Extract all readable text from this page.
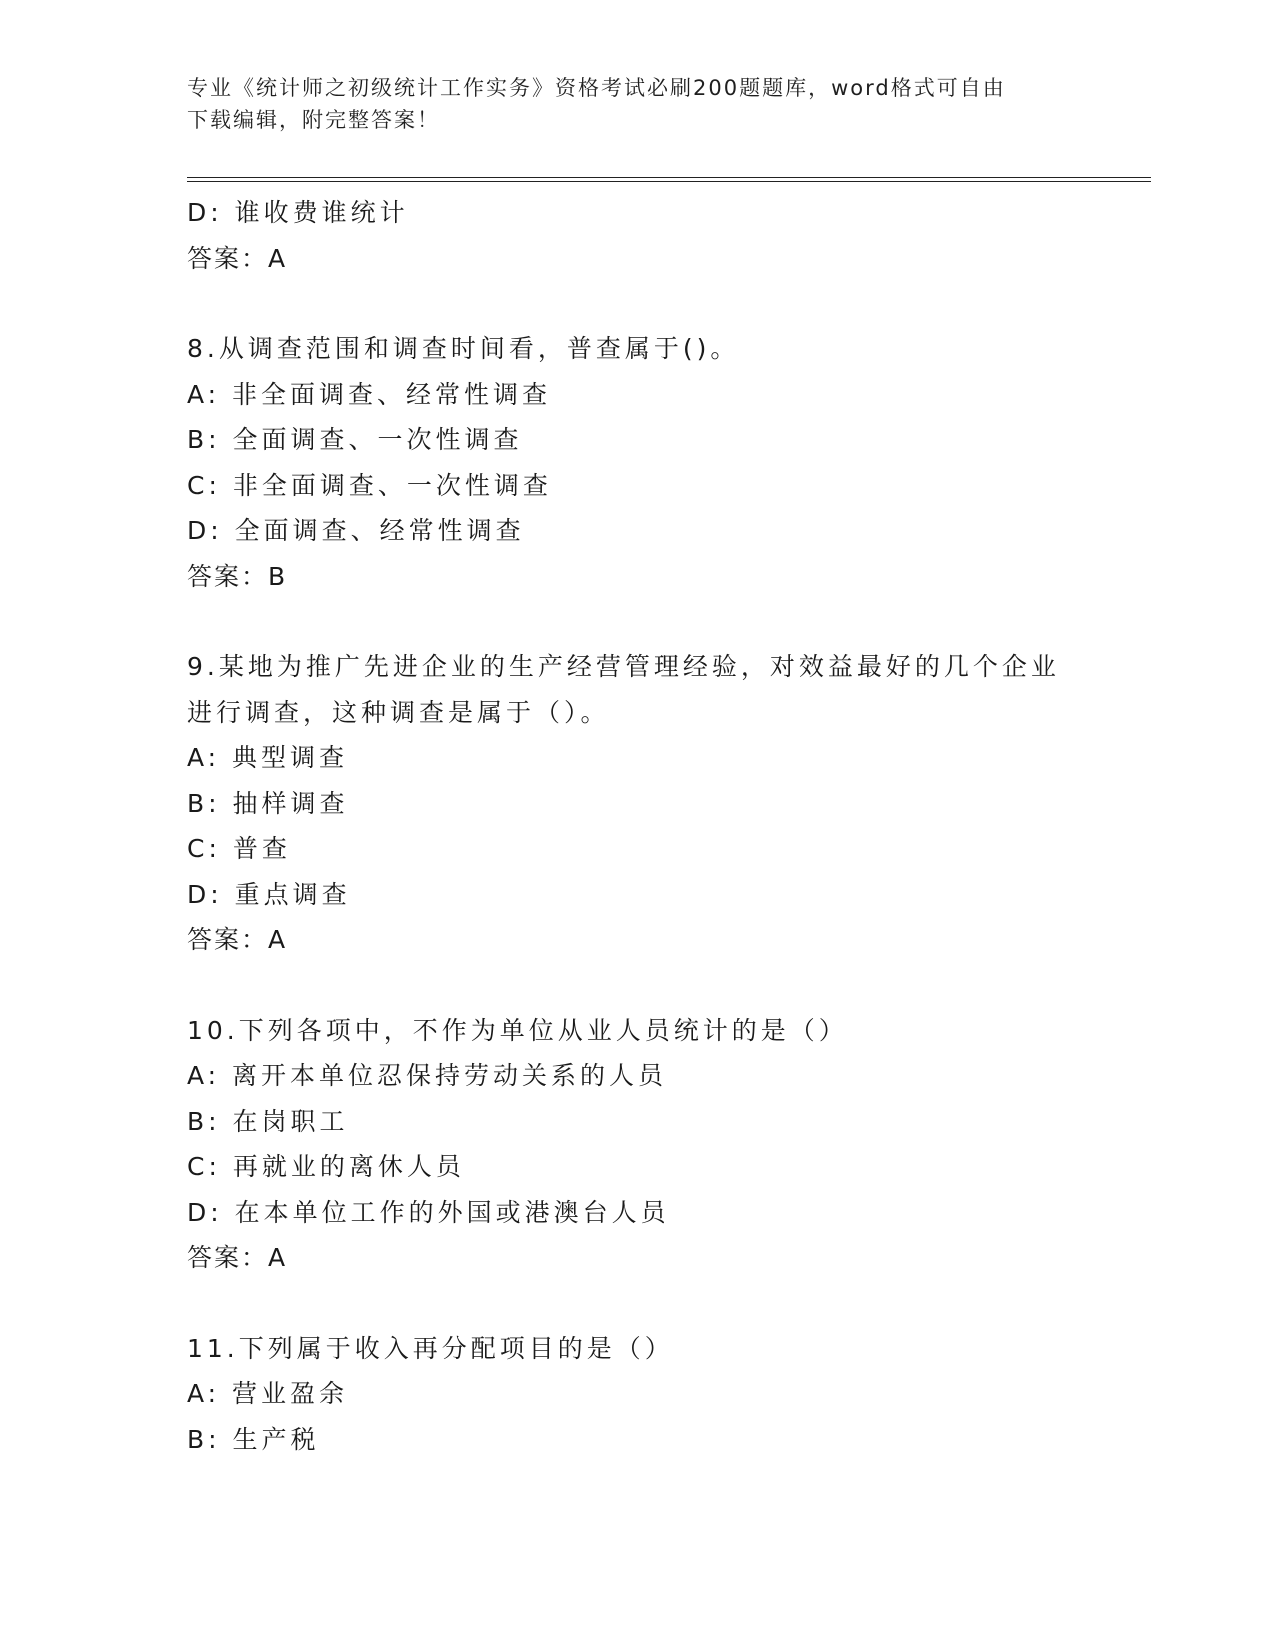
专业《统计师之初级统计工作实务》资格考试必刷200题题库，word格式可自由
下载编辑，附完整答案！
D: 谁收费谁统计
答案：A
8.从调查范围和调查时间看，普查属于()。
A: 非全面调查、经常性调查
B: 全面调查、一次性调查
C: 非全面调查、一次性调查
D: 全面调查、经常性调查
答案：B
9.某地为推广先进企业的生产经营管理经验，对效益最好的几个企业
进行调查，这种调查是属于（）。
A: 典型调查
B: 抽样调查
C: 普查
D: 重点调查
答案：A
10.下列各项中，不作为单位从业人员统计的是（）
A: 离开本单位忍保持劳动关系的人员
B: 在岗职工
C: 再就业的离休人员
D: 在本单位工作的外国或港澳台人员
答案：A
11.下列属于收入再分配项目的是（）
A: 营业盈余
B: 生产税
